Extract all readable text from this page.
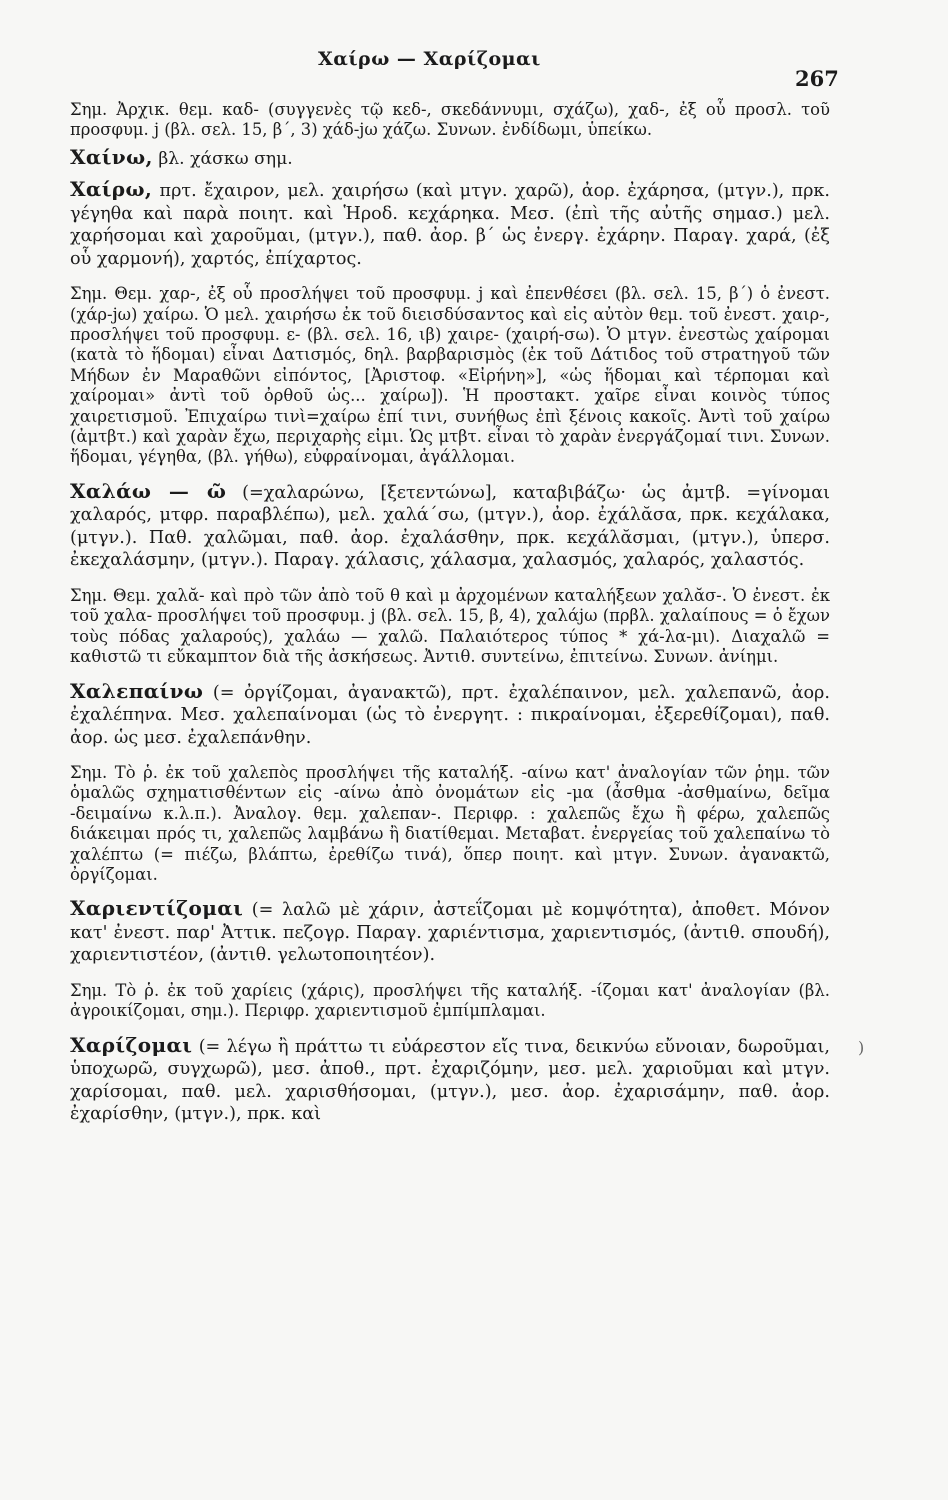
Χαίρω — Χαρίζομαι
267

Σημ. Ἀρχικ. θεμ. καδ- (συγγενὲς τῷ κεδ-, σκεδάννυμι, σχάζω), χαδ-, ἐξ οὗ προσλ. τοῦ προσφυμ. j (βλ. σελ. 15, β΄, 3) χάδ-jω χάζω. Συνων. ἐνδίδωμι, ὑπείκω.

Χαίνω, βλ. χάσκω σημ.

Χαίρω, πρτ. ἔχαιρον, μελ. χαιρήσω (καὶ μτγν. χαρῶ), ἀορ. ἐχάρησα, (μτγν.), πρκ. γέγηθα καὶ παρὰ ποιητ. καὶ Ἡροδ. κεχάρηκα. Μεσ. (ἐπὶ τῆς αὐτῆς σημασ.) μελ. χαρήσομαι καὶ χαροῦμαι, (μτγν.), παθ. ἀορ. β΄ ὡς ἐνεργ. ἐχάρην. Παραγ. χαρά, (ἐξ οὗ χαρμονή), χαρτός, ἐπίχαρτος.

Σημ. Θεμ. χαρ-, ἐξ οὗ προσλήψει τοῦ προσφυμ. j καὶ ἐπενθέσει (βλ. σελ. 15, β΄) ὁ ἐνεστ. (χάρ-jω) χαίρω. Ὁ μελ. χαιρήσω ἐκ τοῦ διεισδύσαντος καὶ εἰς αὐτὸν θεμ. τοῦ ἐνεστ. χαιρ-, προσλήψει τοῦ προσφυμ. ε- (βλ. σελ. 16, ιβ) χαιρε- (χαιρή-σω). Ὁ μτγν. ἐνεστὼς χαίρομαι (κατὰ τὸ ἥδομαι) εἶναι Δατισμός, δηλ. βαρβαρισμὸς (ἐκ τοῦ Δάτιδος τοῦ στρατηγοῦ τῶν Μήδων ἐν Μαραθῶνι εἰπόντος, [Ἀριστοφ. «Εἰρήνη»], «ὡς ἥδομαι καὶ τέρπομαι καὶ χαίρομαι» ἀντὶ τοῦ ὀρθοῦ ὡς... χαίρω]). Ἡ προστακτ. χαῖρε εἶναι κοινὸς τύπος χαιρετισμοῦ. Ἐπιχαίρω τινὶ=χαίρω ἐπί τινι, συνήθως ἐπὶ ξένοις κακοῖς. Ἀντὶ τοῦ χαίρω (ἀμτβτ.) καὶ χαρὰν ἔχω, περιχαρὴς εἰμι. Ὡς μτβτ. εἶναι τὸ χαρὰν ἐνεργάζομαί τινι. Συνων. ἥδομαι, γέγηθα, (βλ. γήθω), εὐφραίνομαι, ἀγάλλομαι.

Χαλάω — ῶ (=χαλαρώνω, [ξετεντώνω], καταβιβάζω· ὡς ἀμτβ. =γίνομαι χαλαρός, μτφρ. παραβλέπω), μελ. χαλά΄σω, (μτγν.), ἀορ. ἐχάλᾰσα, πρκ. κεχάλακα, (μτγν.). Παθ. χαλῶμαι, παθ. ἀορ. ἐχαλάσθην, πρκ. κεχάλᾰσμαι, (μτγν.), ὑπερσ. ἐκεχαλάσμην, (μτγν.). Παραγ. χάλασις, χάλασμα, χαλασμός, χαλαρός, χαλαστός.

Σημ. Θεμ. χαλᾰ- καὶ πρὸ τῶν ἀπὸ τοῦ θ καὶ μ ἀρχομένων καταλήξεων χαλᾰσ-. Ὁ ἐνεστ. ἐκ τοῦ χαλα- προσλήψει τοῦ προσφυμ. j (βλ. σελ. 15, β, 4), χαλάjω (πρβλ. χαλαίπους = ὁ ἔχων τοὺς πόδας χαλαρούς), χαλάω — χαλῶ. Παλαιότερος τύπος * χά-λα-μι). Διαχαλῶ = καθιστῶ τι εὔκαμπτον διὰ τῆς ἀσκήσεως. Ἀντιθ. συντείνω, ἐπιτείνω. Συνων. ἀνίημι.

Χαλεπαίνω (= ὀργίζομαι, ἀγανακτῶ), πρτ. ἐχαλέπαινον, μελ. χαλεπανῶ, ἀορ. ἐχαλέπηνα. Μεσ. χαλεπαίνομαι (ὡς τὸ ἐνεργητ. : πικραίνομαι, ἐξερεθίζομαι), παθ. ἀορ. ὡς μεσ. ἐχαλεπάνθην.

Σημ. Τὸ ῥ. ἐκ τοῦ χαλεπὸς προσλήψει τῆς καταλήξ. -αίνω κατ' ἀναλογίαν τῶν ῥημ. τῶν ὁμαλῶς σχηματισθέντων εἰς -αίνω ἀπὸ ὀνομάτων εἰς -μα (ἆσθμα -ἀσθμαίνω, δεῖμα -δειμαίνω κ.λ.π.). Ἀναλογ. θεμ. χαλεπαν-. Περιφρ. : χαλεπῶς ἔχω ἢ φέρω, χαλεπῶς διάκειμαι πρός τι, χαλεπῶς λαμβάνω ἢ διατίθεμαι. Μεταβατ. ἐνεργείας τοῦ χαλεπαίνω τὸ χαλέπτω (= πιέζω, βλάπτω, ἐρεθίζω τινά), ὅπερ ποιητ. καὶ μτγν. Συνων. ἀγανακτῶ, ὀργίζομαι.

Χαριεντίζομαι (= λαλῶ μὲ χάριν, ἀστεΐζομαι μὲ κομψότητα), ἀποθετ. Μόνον κατ' ἐνεστ. παρ' Ἀττικ. πεζογρ. Παραγ. χαριέντισμα, χαριεντισμός, (ἀντιθ. σπουδή), χαριεντιστέον, (ἀντιθ. γελωτοποιητέον).

Σημ. Τὸ ῥ. ἐκ τοῦ χαρίεις (χάρις), προσλήψει τῆς καταλήξ. -ίζομαι κατ' ἀναλογίαν (βλ. ἀγροικίζομαι, σημ.). Περιφρ. χαριεντισμοῦ ἐμπίμπλαμαι.

Χαρίζομαι (= λέγω ἢ πράττω τι εὐάρεστον εἴς τινα, δεικνύω εὔνοιαν, δωροῦμαι, ὑποχωρῶ, συγχωρῶ), μεσ. ἀποθ., πρτ. ἐχαριζόμην, μεσ. μελ. χαριοῦμαι καὶ μτγν. χαρίσομαι, παθ. μελ. χαρισθήσομαι, (μτγν.), μεσ. ἀορ. ἐχαρισάμην, παθ. ἀορ. ἐχαρίσθην, (μτγν.), πρκ. καὶ

)
